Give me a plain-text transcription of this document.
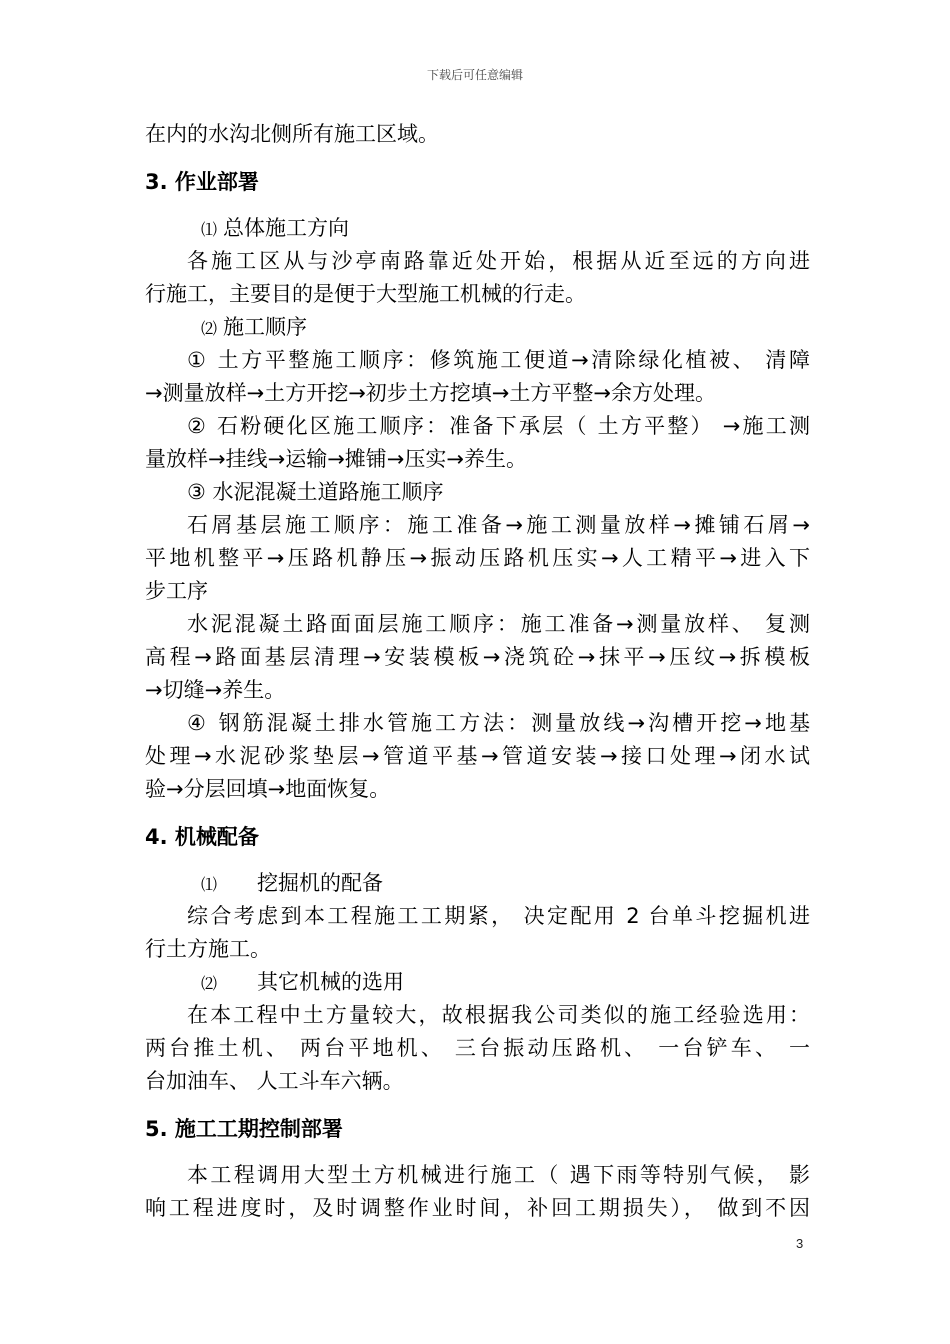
下载后可任意编辑
在内的水沟北侧所有施工区域。
3. 作业部署
⑴ 总体施工方向
各施工区从与沙亭南路靠近处开始，根据从近至远的方向进
行施工，主要目的是便于大型施工机械的行走。
⑵ 施工顺序
① 土方平整施工顺序：修筑施工便道→清除绿化植被、 清障
→测量放样→土方开挖→初步土方挖填→土方平整→余方处理。
② 石粉硬化区施工顺序：准备下承层（ 土方平整） →施工测
量放样→挂线→运输→摊铺→压实→养生。
③ 水泥混凝土道路施工顺序
石屑基层施工顺序：施工准备→施工测量放样→摊铺石屑→
平地机整平→压路机静压→振动压路机压实→人工精平→进入下
步工序
水泥混凝土路面面层施工顺序：施工准备→测量放样、 复测
高程→路面基层清理→安装模板→浇筑砼→抹平→压纹→拆模板
→切缝→养生。
④ 钢筋混凝土排水管施工方法：测量放线→沟槽开挖→地基
处理→水泥砂浆垫层→管道平基→管道安装→接口处理→闭水试
验→分层回填→地面恢复。
4. 机械配备
⑴ 挖掘机的配备
综合考虑到本工程施工工期紧， 决定配用 2 台单斗挖掘机进
行土方施工。
⑵ 其它机械的选用
在本工程中土方量较大，故根据我公司类似的施工经验选用：
两台推土机、 两台平地机、 三台振动压路机、 一台铲车、 一
台加油车、 人工斗车六辆。
5. 施工工期控制部署
本工程调用大型土方机械进行施工（ 遇下雨等特别气候， 影
响工程进度时，及时调整作业时间，补回工期损失）， 做到不因
3
